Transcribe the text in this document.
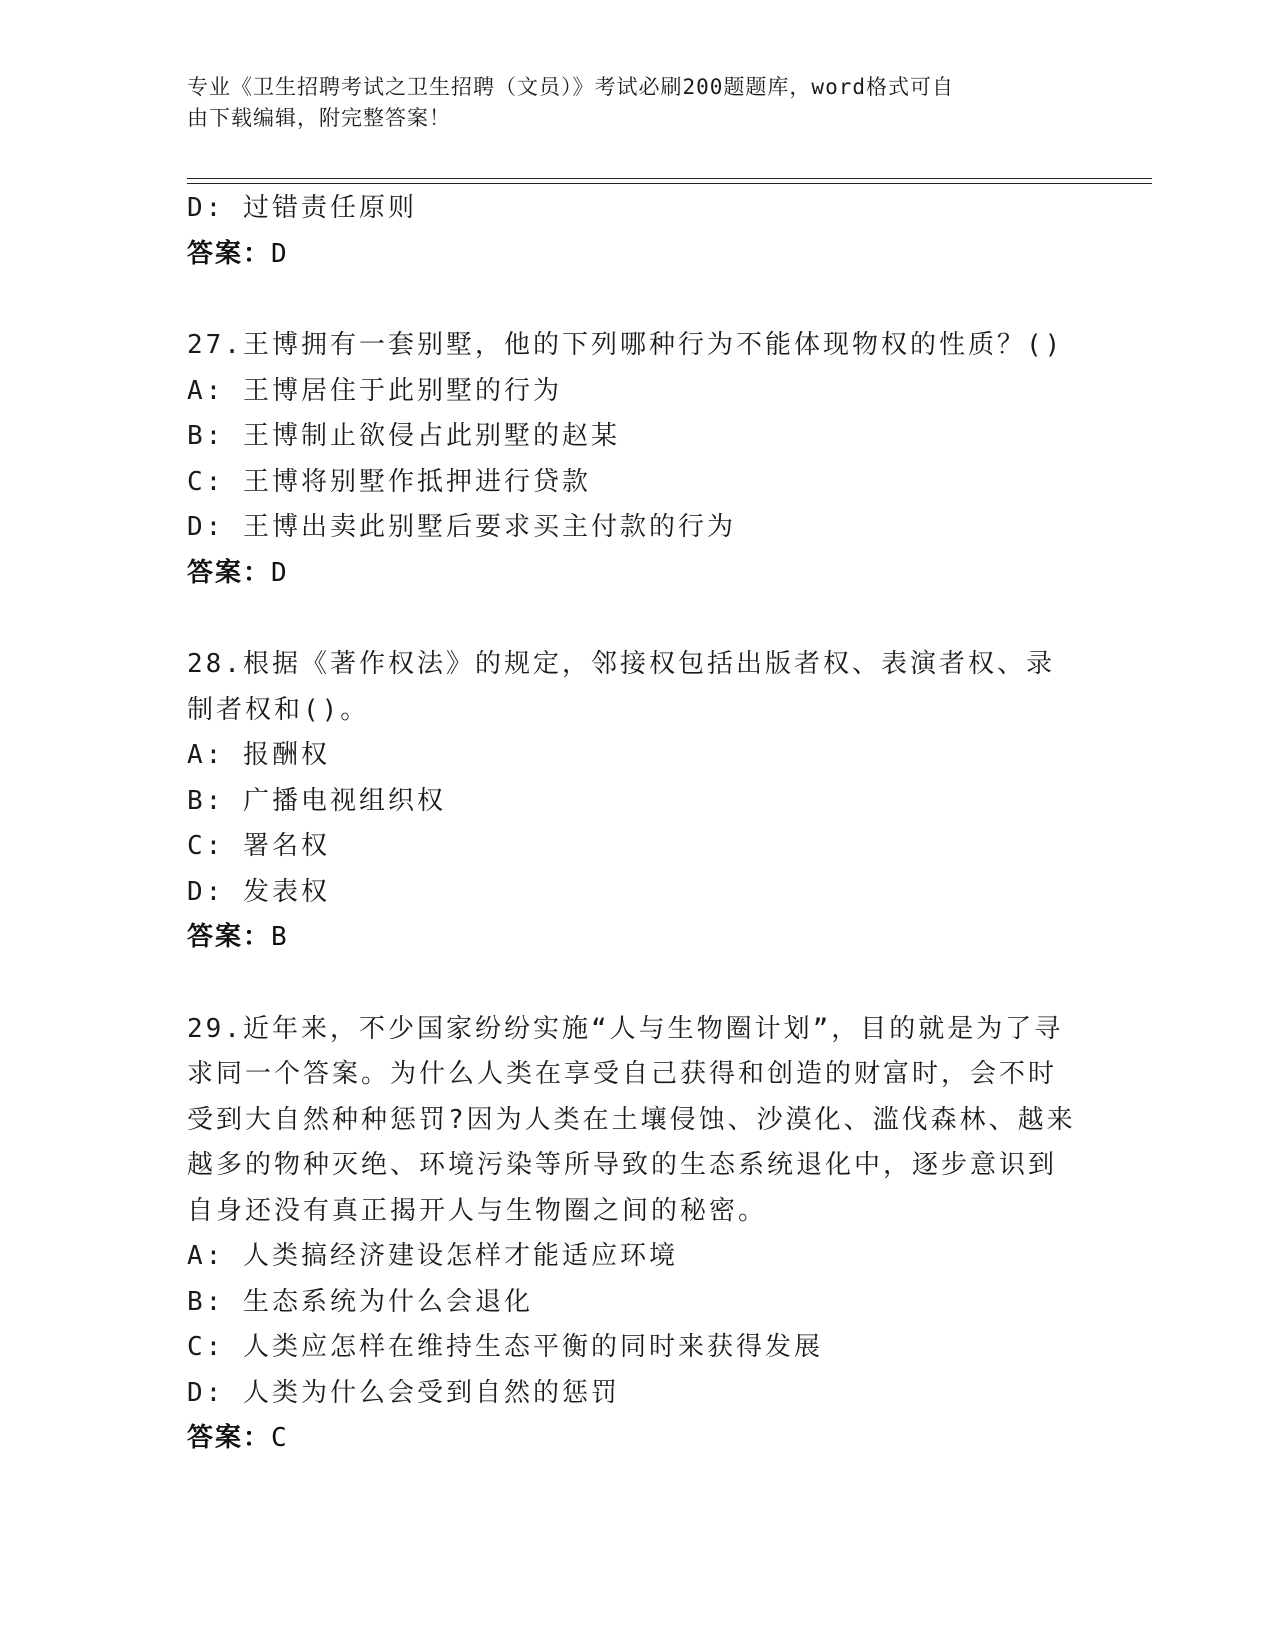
专业《卫生招聘考试之卫生招聘（文员）》考试必刷200题题库，word格式可自
由下载编辑，附完整答案！
D: 过错责任原则
答案：D
27.王博拥有一套别墅，他的下列哪种行为不能体现物权的性质？()
A: 王博居住于此别墅的行为
B: 王博制止欲侵占此别墅的赵某
C: 王博将别墅作抵押进行贷款
D: 王博出卖此别墅后要求买主付款的行为
答案：D
28.根据《著作权法》的规定，邻接权包括出版者权、表演者权、录制者权和()。
A: 报酬权
B: 广播电视组织权
C: 署名权
D: 发表权
答案：B
29.近年来，不少国家纷纷实施“人与生物圈计划”，目的就是为了寻求同一个答案。为什么人类在享受自己获得和创造的财富时，会不时受到大自然种种惩罚?因为人类在土壤侵蚀、沙漠化、滥伐森林、越来越多的物种灭绝、环境污染等所导致的生态系统退化中，逐步意识到自身还没有真正揭开人与生物圈之间的秘密。
A: 人类搞经济建设怎样才能适应环境
B: 生态系统为什么会退化
C: 人类应怎样在维持生态平衡的同时来获得发展
D: 人类为什么会受到自然的惩罚
答案：C
